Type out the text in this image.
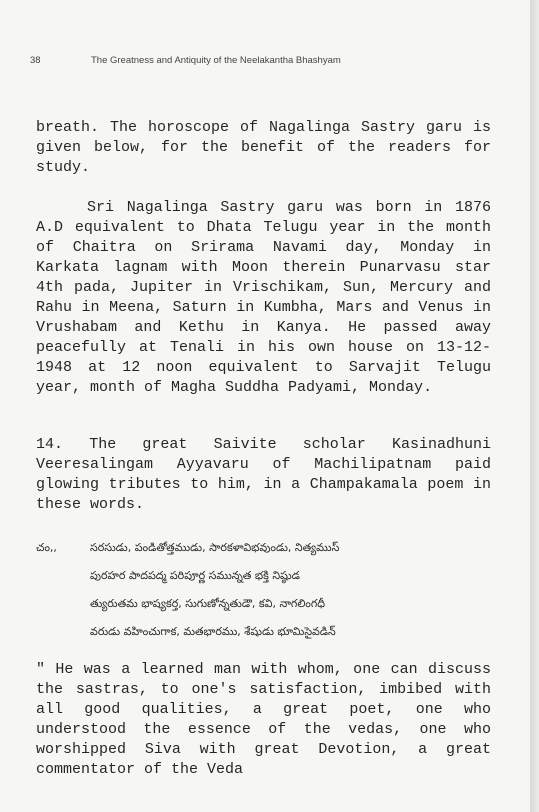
38	The Greatness and Antiquity of the Neelakantha Bhashyam

breath. The horoscope of Nagalinga Sastry garu is given below, for the benefit of the readers for study.

Sri Nagalinga Sastry garu was born in 1876 A.D equivalent to Dhata Telugu year in the month of Chaitra on Srirama Navami day, Monday in Karkata lagnam with Moon therein Punarvasu star 4th pada, Jupiter in Vrischikam, Sun, Mercury and Rahu in Meena, Saturn in Kumbha, Mars and Venus in Vrushabam and Kethu in Kanya. He passed away peacefully at Tenali in his own house on 13-12-1948 at 12 noon equivalent to Sarvajit Telugu year, month of Magha Suddha Padyami, Monday.

14. The great Saivite scholar Kasinadhuni Veeresalingam Ayyavaru of Machilipatnam paid glowing tributes to him, in a Champakamala poem in these words.

చం,,	సరసుడు, పండితోత్తముడు, సారకళావిభవుండు, నిత్యముస్
పురహర పాదపద్మ పరిపూర్ణ సమున్నత భక్తి నిష్ఠుడ
త్యురుతమ భాష్యకర్త, సుగుణోన్నతుడౌ, కవి, నాగలింగధీ
వరుడు వహించుగాక, మతభారము, శేషుడు భూమిసైవడిన్

" He was a learned man with whom, one can discuss the sastras, to one's satisfaction, imbibed with all good qualities, a great poet, one who understood the essence of the vedas, one who worshipped Siva with great Devotion, a great commentator of the Veda
